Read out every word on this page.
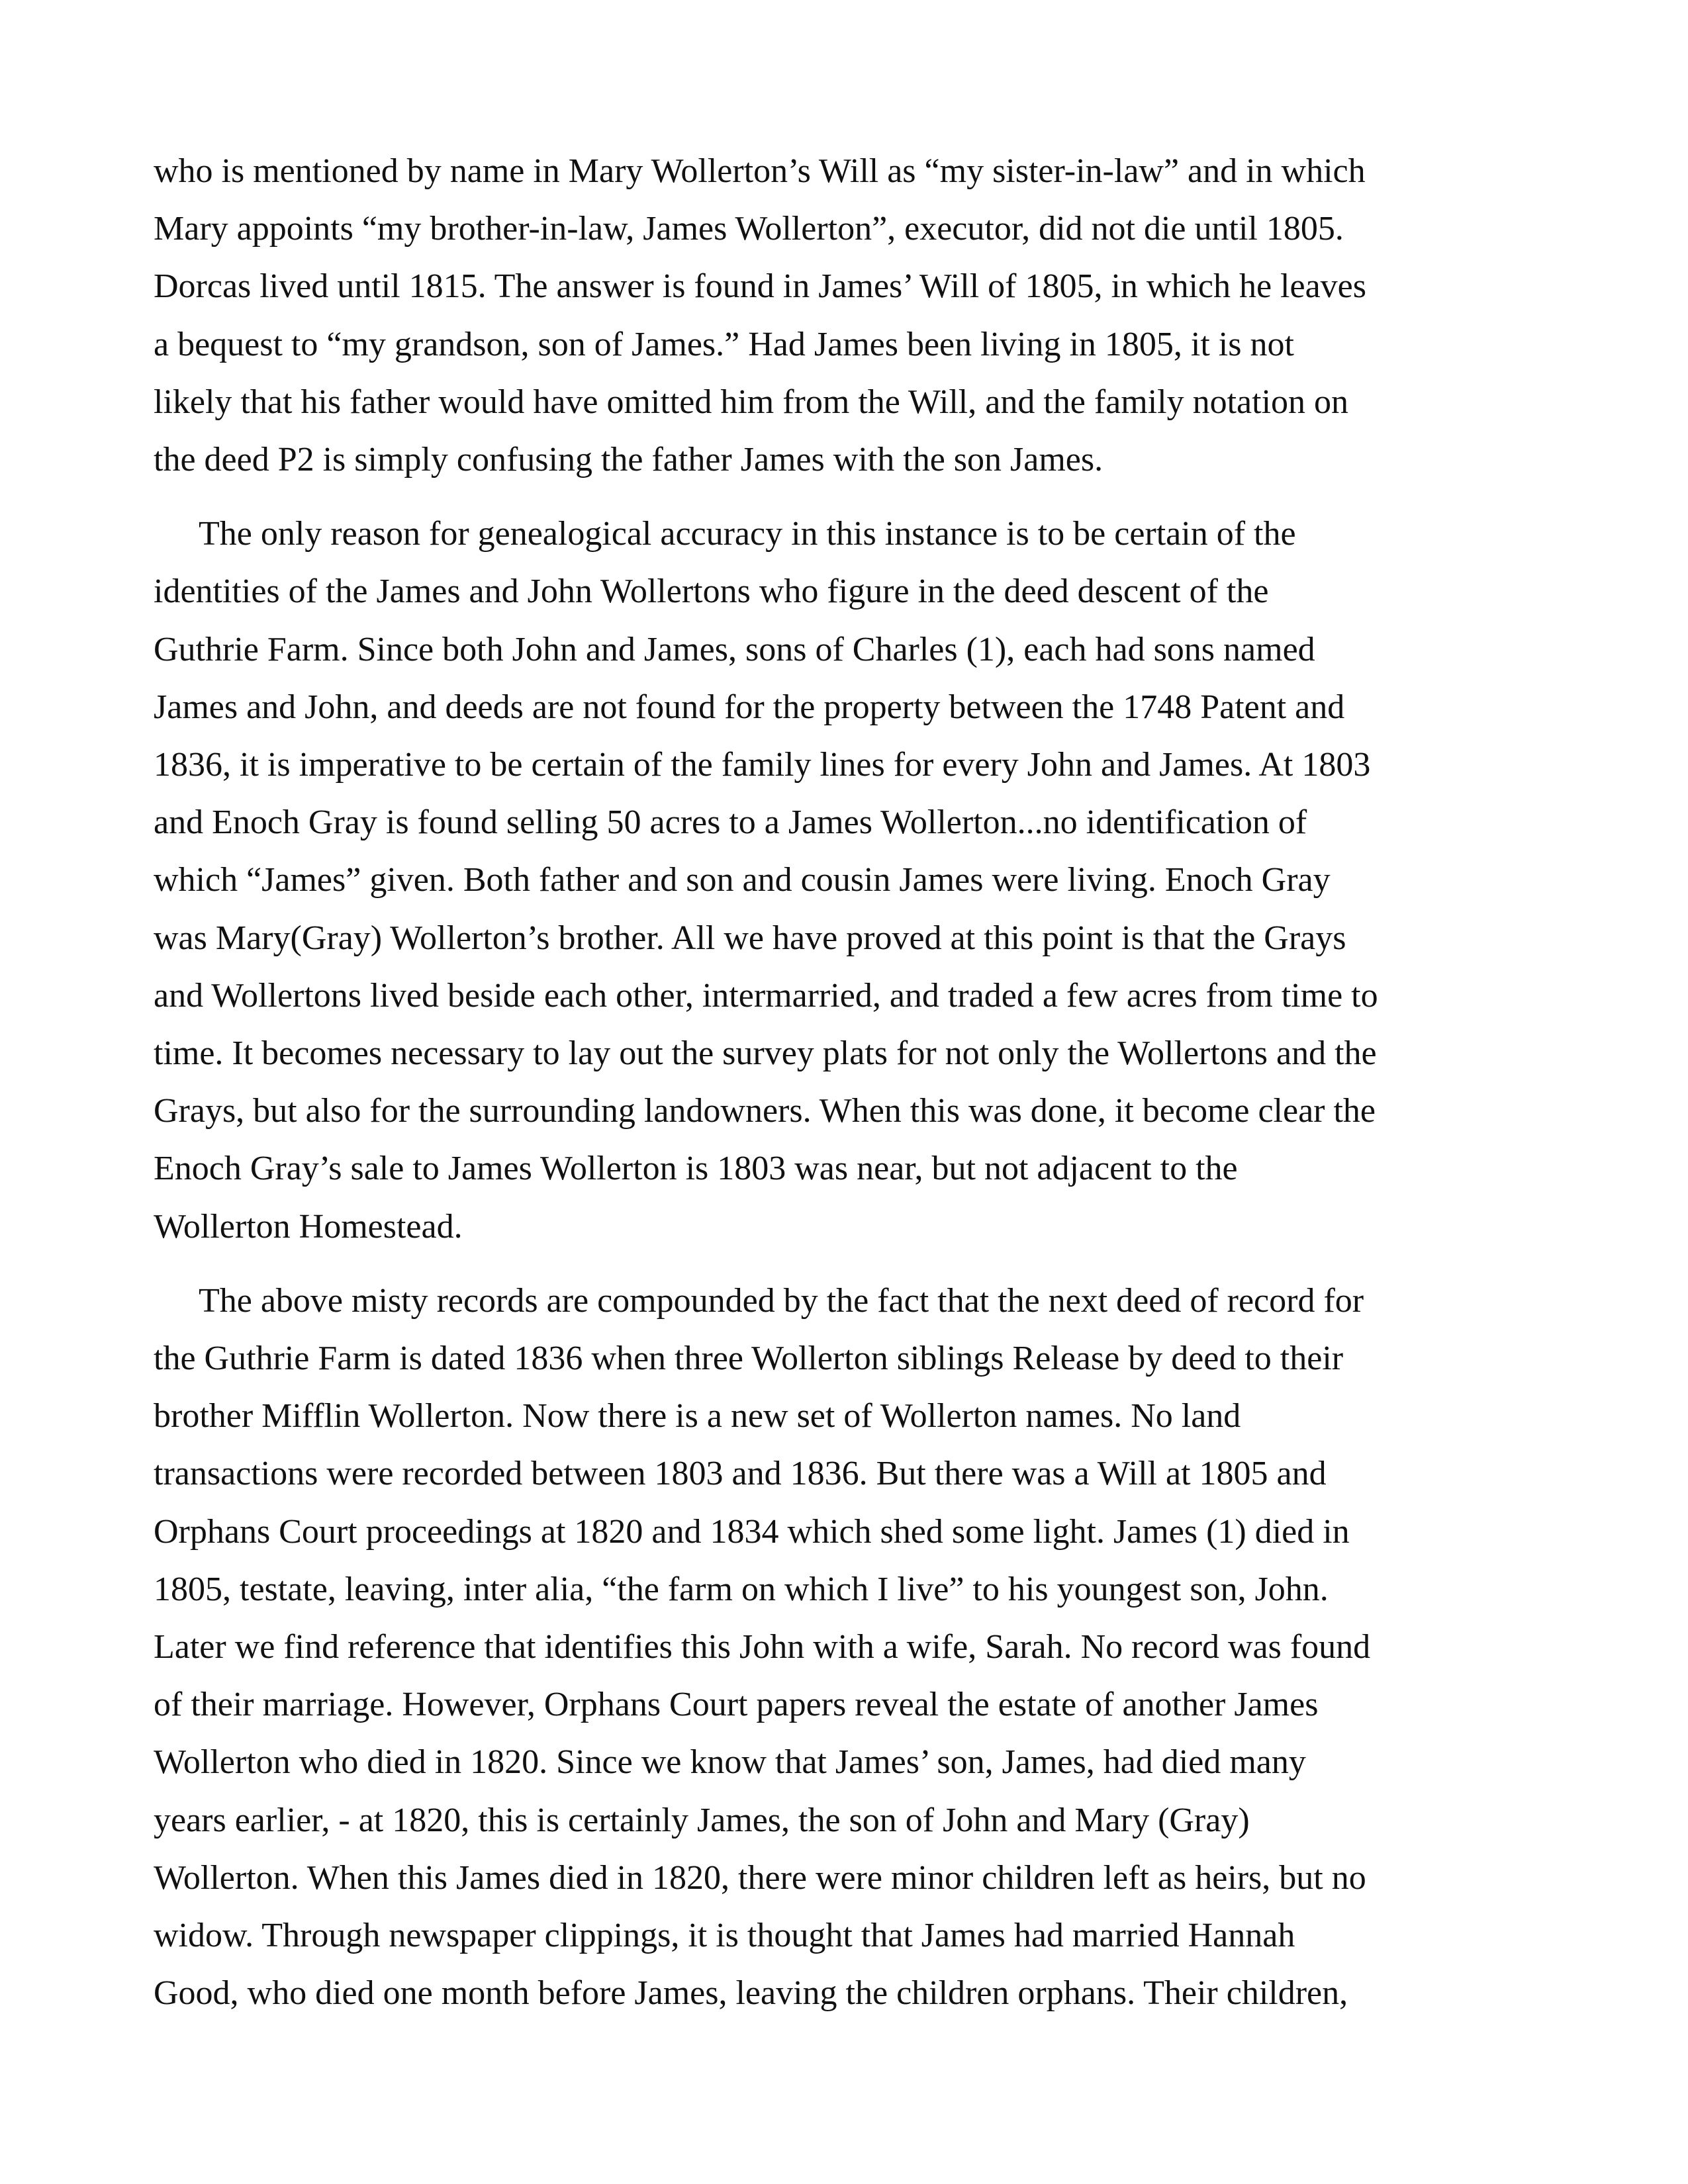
who is mentioned by name in Mary Wollerton’s Will as “my sister-in-law” and in which
Mary appoints “my brother-in-law, James Wollerton”, executor, did not die until 1805.
Dorcas lived until 1815. The answer is found in James’ Will of 1805, in which he leaves
a bequest to “my grandson, son of James.” Had James been living in 1805, it is not
likely that his father would have omitted him from the Will, and the family notation on
the deed P2 is simply confusing the father James with the son James.
The only reason for genealogical accuracy in this instance is to be certain of the
identities of the James and John Wollertons who figure in the deed descent of the
Guthrie Farm. Since both John and James, sons of Charles (1), each had sons named
James and John, and deeds are not found for the property between the 1748 Patent and
1836, it is imperative to be certain of the family lines for every John and James. At 1803
and Enoch Gray is found selling 50 acres to a James Wollerton...no identification of
which “James” given. Both father and son and cousin James were living. Enoch Gray
was Mary(Gray) Wollerton’s brother. All we have proved at this point is that the Grays
and Wollertons lived beside each other, intermarried, and traded a few acres from time to
time. It becomes necessary to lay out the survey plats for not only the Wollertons and the
Grays, but also for the surrounding landowners. When this was done, it become clear the
Enoch Gray’s sale to James Wollerton is 1803 was near, but not adjacent to the
Wollerton Homestead.
The above misty records are compounded by the fact that the next deed of record for
the Guthrie Farm is dated 1836 when three Wollerton siblings Release by deed to their
brother Mifflin Wollerton. Now there is a new set of Wollerton names. No land
transactions were recorded between 1803 and 1836. But there was a Will at 1805 and
Orphans Court proceedings at 1820 and 1834 which shed some light. James (1) died in
1805, testate, leaving, inter alia, “the farm on which I live” to his youngest son, John.
Later we find reference that identifies this John with a wife, Sarah. No record was found
of their marriage. However, Orphans Court papers reveal the estate of another James
Wollerton who died in 1820. Since we know that James’ son, James, had died many
years earlier, - at 1820, this is certainly James, the son of John and Mary (Gray)
Wollerton. When this James died in 1820, there were minor children left as heirs, but no
widow. Through newspaper clippings, it is thought that James had married Hannah
Good, who died one month before James, leaving the children orphans. Their children,
